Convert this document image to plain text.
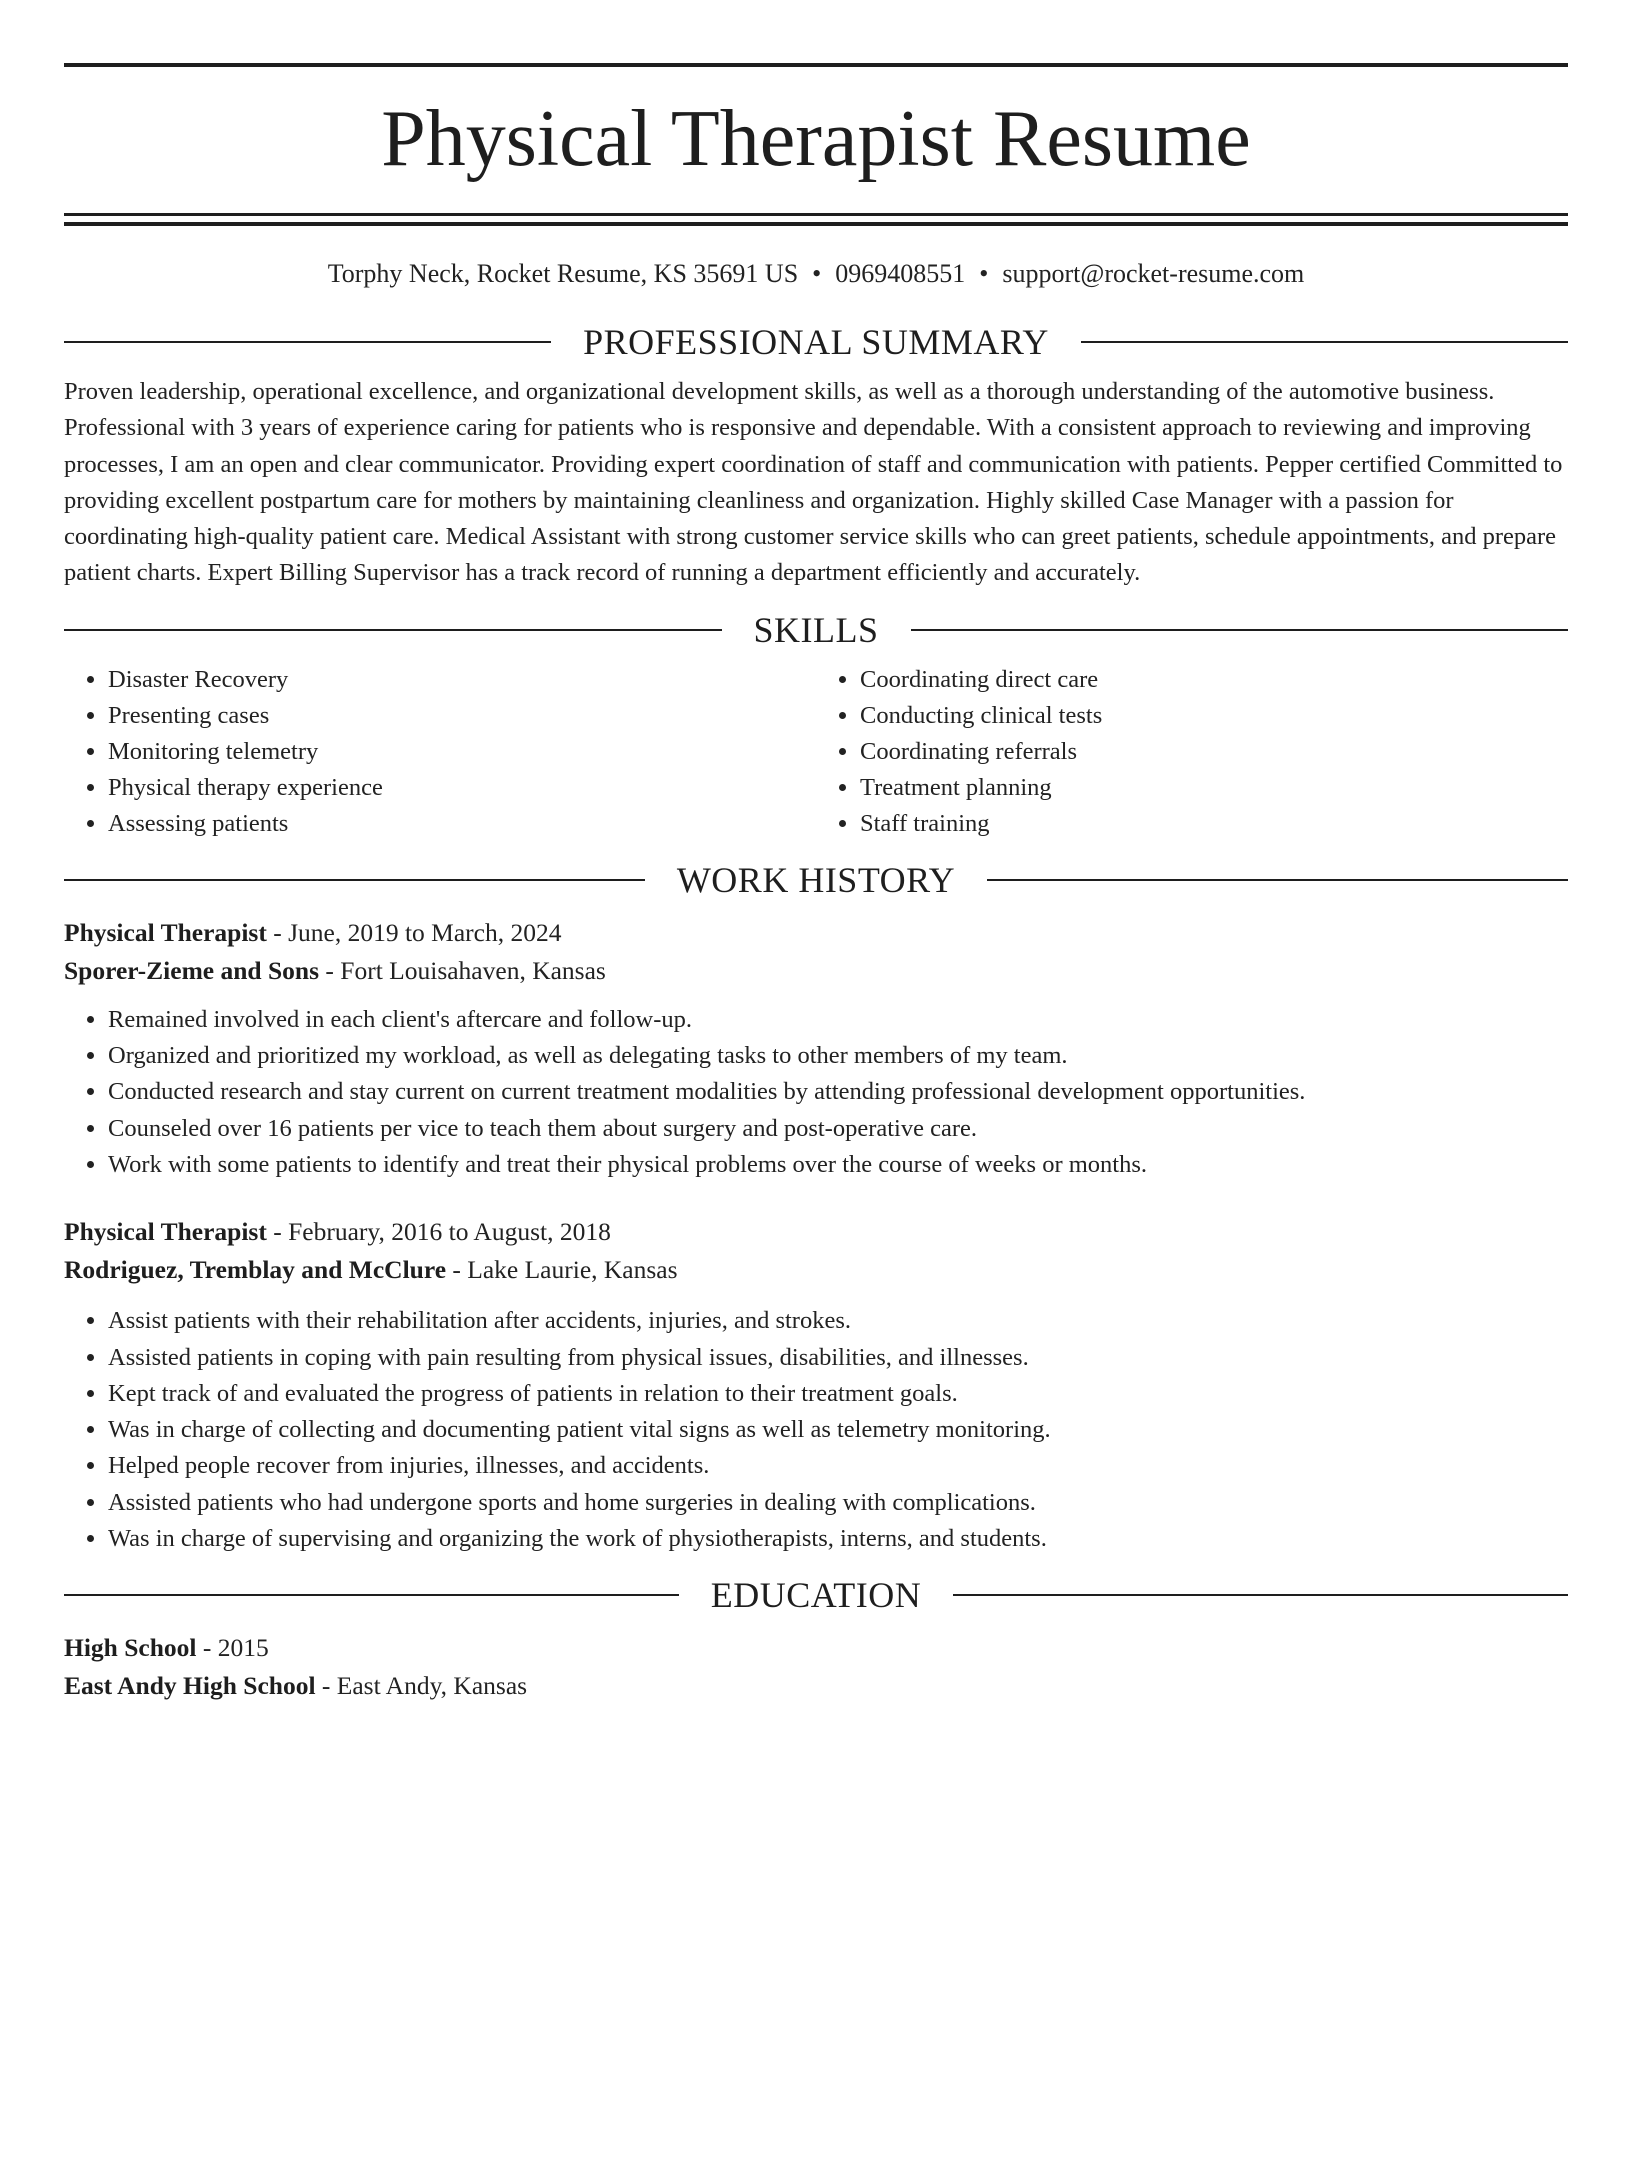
Physical Therapist Resume
Torphy Neck, Rocket Resume, KS 35691 US • 0969408551 • support@rocket-resume.com
PROFESSIONAL SUMMARY

Proven leadership, operational excellence, and organizational development skills, as well as a thorough understanding of the automotive business. Professional with 3 years of experience caring for patients who is responsive and dependable. With a consistent approach to reviewing and improving processes, I am an open and clear communicator. Providing expert coordination of staff and communication with patients. Pepper certified Committed to providing excellent postpartum care for mothers by maintaining cleanliness and organization. Highly skilled Case Manager with a passion for coordinating high-quality patient care. Medical Assistant with strong customer service skills who can greet patients, schedule appointments, and prepare patient charts. Expert Billing Supervisor has a track record of running a department efficiently and accurately.

SKILLS
• Disaster Recovery
• Presenting cases
• Monitoring telemetry
• Physical therapy experience
• Assessing patients
• Coordinating direct care
• Conducting clinical tests
• Coordinating referrals
• Treatment planning
• Staff training
WORK HISTORY
Physical Therapist - June, 2019 to March, 2024
Sporer-Zieme and Sons - Fort Louisahaven, Kansas
• Remained involved in each client's aftercare and follow-up.
• Organized and prioritized my workload, as well as delegating tasks to other members of my team.
• Conducted research and stay current on current treatment modalities by attending professional development opportunities.
• Counseled over 16 patients per vice to teach them about surgery and post-operative care.
• Work with some patients to identify and treat their physical problems over the course of weeks or months.
Physical Therapist - February, 2016 to August, 2018
Rodriguez, Tremblay and McClure - Lake Laurie, Kansas
• Assist patients with their rehabilitation after accidents, injuries, and strokes.
• Assisted patients in coping with pain resulting from physical issues, disabilities, and illnesses.
• Kept track of and evaluated the progress of patients in relation to their treatment goals.
• Was in charge of collecting and documenting patient vital signs as well as telemetry monitoring.
• Helped people recover from injuries, illnesses, and accidents.
• Assisted patients who had undergone sports and home surgeries in dealing with complications.
• Was in charge of supervising and organizing the work of physiotherapists, interns, and students.
EDUCATION
High School - 2015
East Andy High School - East Andy, Kansas
